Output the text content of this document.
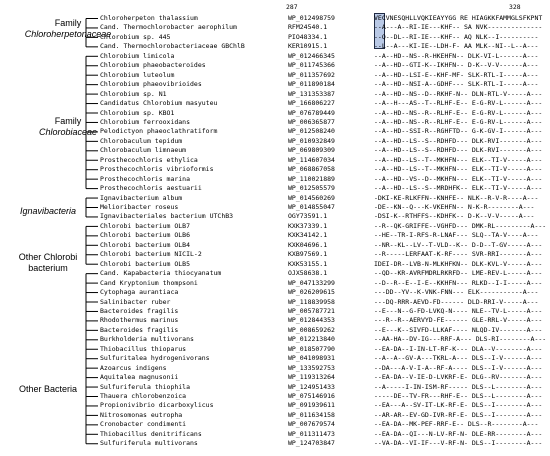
287	328
Family
Chloroherpetonaceae
Family
Chlorobiaceae
Ignavibacteria
Other Chlorobi
bacterium
Other Bacteria
Chloroherpeton thalassium	WP_012498759	VECVNESQHLLVQKIEAYYGG RE HIAGKKFAMMGLSFKPNT
Cand. Thermochlorobacter aerophilum	RFM24540.1	--A---A--RI-IE---KHF-- SA NVK--------------
Chlorobium sp. 445	PIO48334.1	--Q--DL--RI-IE---KHF-- AQ NLK--I----------
Cand. Thermochlorobacteriaceae GBChlB	KER10915.1	--L--A---KI-IE--LDH-F- AA MLK--NI--L--A---
Chlorobium limicola	WP_012466345	--A--HD--NS--R-HKEHFN-- DLK-VI-L------A---
Chlorobium phaeobacteroides	WP_011745366	--A--HD--GTI-K--IKHFN-- D-K--V-V------A---
Chlorobium luteolum	WP_011357692	--A--HD--LSI-E--KHF-MF- SLK-RTL-I-----A---
Chlorobium phaeovibrioides	WP_011890184	--A--HD--NSI-A--GDHF--- SLK-RTL-I-----A---
Chlorobium sp. N1	WP_131353387	--A--HD--NS--D--RKHF-N-- DLN-RTL-V-----A---
Candidatus Chlorobium masyuteu	WP_166806227	--A--H---AS--T--RLHF-E-- E-G-RV-L------A---
Chlorobium sp. KBO1	WP_076789449	--A--HD--NS--R--RLHF-E-- E-G-RV-L------A---
Chlorobium ferrooxidans	WP_006365877	--A--HD--NS--R--RLHF-E-- E-G-RV-L------A---
Pelodictyon phaeoclathratiform	WP_012508240	--A--HD--SSI-R--RGHFTD-- G-K-GV-I------A---
Chlorobaculum tepidum	WP_010932849	--A--HD--LS--S--RDHFD--- DLK-RVI-------A---
Chlorobaculum limnaeum	WP_069809309	--A--HD--LS--S--RDHFD--- DLK-RVI-------A---
Prosthecochloris ethylica	WP_114607034	--A--HD--LS--T--MKHFN--- ELK--TI-V-----A---
Prosthecochloris vibrioformis	WP_068867058	--A--HD--LS--T--MKHFN--- ELK--TI-V-----A---
Prosthecochloris marina	WP_110021889	--A--HD--VS--D--MKHFN--- ELK--TI-V-----A---
Prosthecochloris aestuarii	WP_012505579	--A--HD--LS--S--MRDHFK-- ELK--TI-V-----A---
Ignavibacterium album	WP_014560269	-DKI-KE-RLKFFN--KNHFE-- NLK--R-V-R----A---
Melioribacter roseus	WP_014855047	-DE--KN--Q---K-VKEHFN-- N-K-R--------A---
Ignavibacteriales bacterium UTChB3	OGY73591.1	-DSI-K--RTHFFS--KDHFK-- D-K--V-V-----A---
Chlorobi bacterium OLB7	KXK37339.1	--R--QK-GRIFFE--VGHFD--- DMK-RL---------A---
Chlorobi bacterium OLB6	KXK34142.1	--HE--TR-I-RFS-R-LNAF--- SLQ--TA-V----A---
Chlorobi bacterium OLB4	KXK04696.1	--NR--KL--LV--T-VLD--K-- D-D--T-GV-----A---
Chlorobi bacterium NICIL-2	KXB97569.1	--R-----LERFAAT-K-RF---- SVR-RRI-------A---
Chlorobi bacterium OLB5	KXK53155.1	IDEI-DR--LVB-N-MLKHFKN-- DLK-KVL-V-----A---
Cand. Kapabacteria thiocyanatum	OJX58638.1	--QD--KR-AVRFMDRLRKRFD-- LME-REV-L-----A---
Cand Kryptonium thompsoni	WP_047133299	--D--R--E--I-E--KKHFN--- RLKD--I-I-----A---
Cytophaga aurantiaca	WP_026209615	---DD--YV--K-VNK-FNN--- ELK-----------A---
Salinibacter ruber	WP_118839958	---DQ-RRR-AEVD-FD------ DLD-RRI-V-----A---
Bacteroides fragilis	WP_005787721	--E---N--G-FD-LVKQ-N---- NLE--TV-L-----A---
Rhodothermus marinus	WP_012844353	---R--R--AERVYD-FE------ GLE-RRL-V-----A---
Bacteroides fragilis	WP_008659262	--E---K--SIVFD-LLKAF---- NLQD-IV-------A---
Burkholderia multivorans	WP_012213840	--AA-HA--DV-IG---RRF-A--- DLS-RI--------A---
Thiobacillus thioparus	WP_018507790	--EA-DA--I-IN-LT-RF-K--- DLA--V--------A---
Sulfuritalea hydrogenivorans	WP_041098931	--A--A--GV-A---TKRL-A--- DLS--I-V------A---
Azoarcus indigens	WP_133592753	--DA---A-V-I-A--RF-A---- DLS--I-V------A---
Aquitalea magnusonii	WP_119313264	--EA-DA--V-IE-D-LVKRF-E- DLG--RV-------A---
Sulfuriferula thiophila	WP_124951433	--A-----I-IN-ISM-RF----- DLS--L--------A---
Thauera chlorobenzoica	WP_075146916	-----DE--TV-FR---RHF-E-- DLS--L--------A---
Propionivibrio dicarboxylicus	WP_091939611	--EA---A--SV-IT-LK-RF-E- DLS--I--------A---
Nitrosomonas eutropha	WP_011634158	--AR-AR--EV-GD-IVR-RF-E- DLS--I--------A---
Cronobacter condimenti	WP_007679574	--EA-DA--MK-PEF-RRF-E-- DLS--R--------A---
Thiobacillus denitrificans	WP_011311473	--EA-DA--QI---N-LV-RF-N- DLE-RR--------A---
Sulfuriferula multivorans	WP_124703847	--VA-DA--VI-IF---V-RF-N- DLS--I--------A---
